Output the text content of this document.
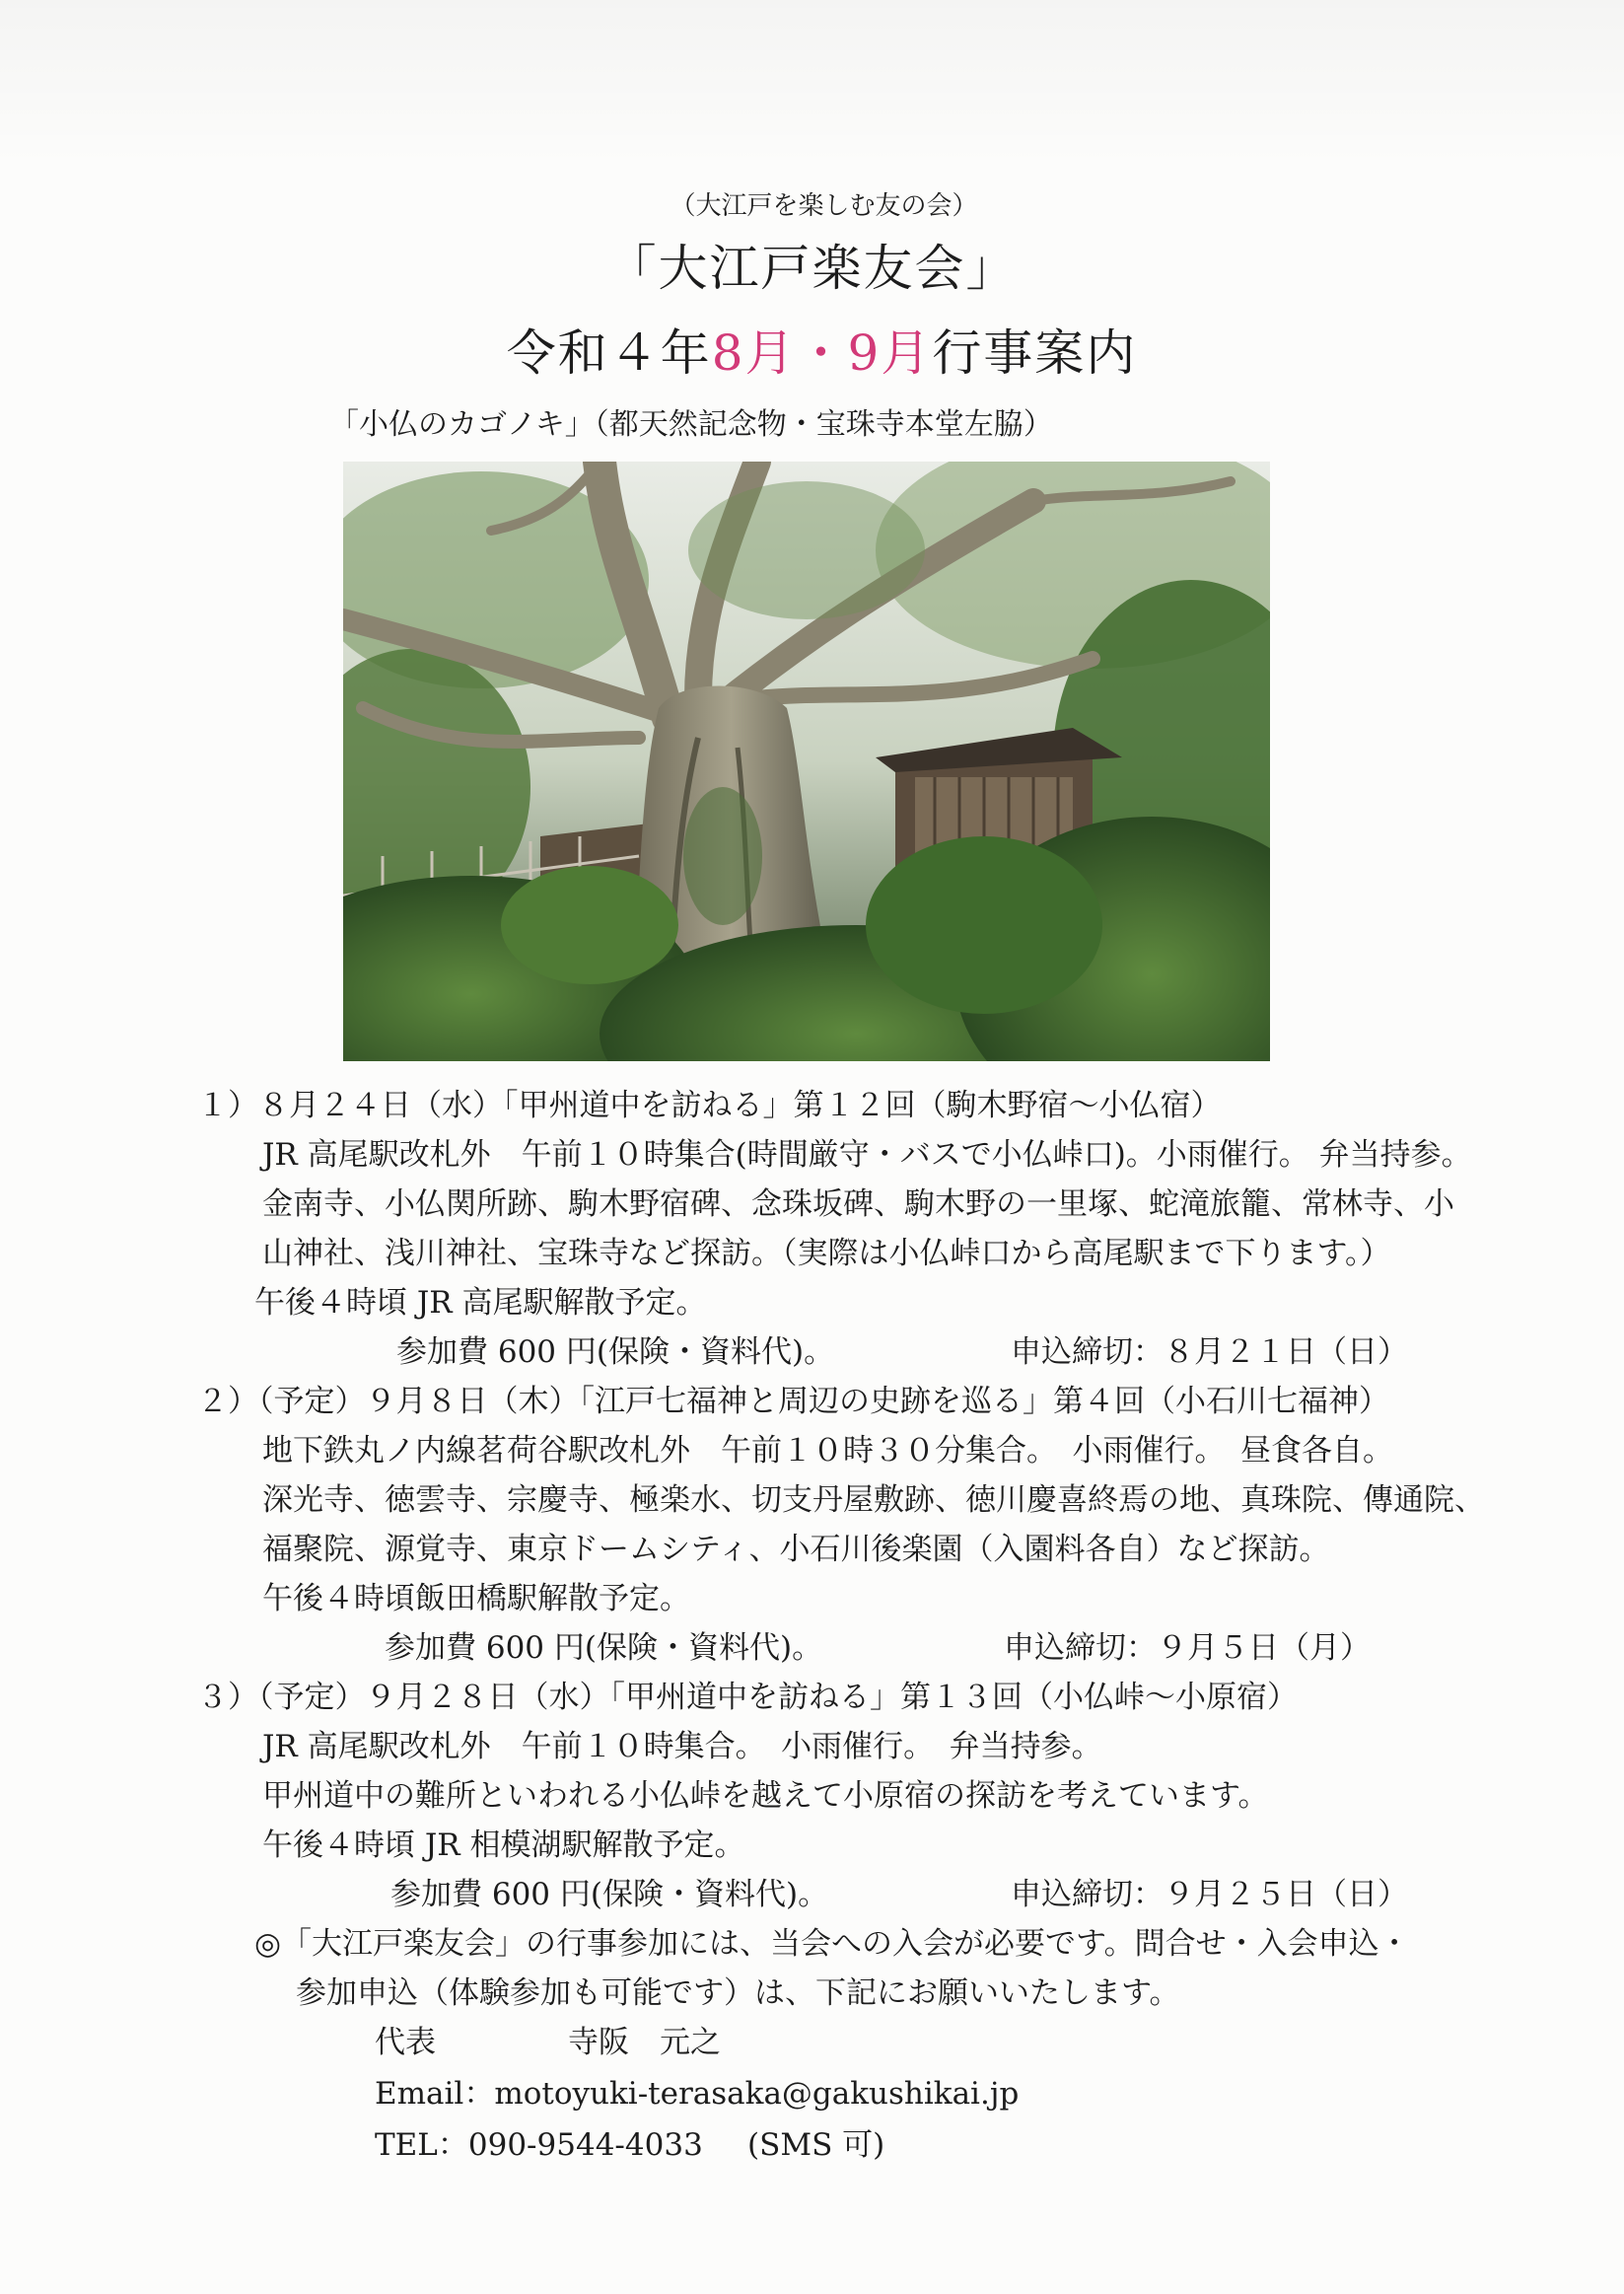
（大江戸を楽しむ友の会）
「大江戸楽友会」
令和４年8月・9月行事案内
「小仏のカゴノキ」（都天然記念物・宝珠寺本堂左脇）
１）８月２４日（水）「甲州道中を訪ねる」第１２回（駒木野宿～小仏宿）
JR 高尾駅改札外　午前１０時集合(時間厳守・バスで小仏峠口)。小雨催行。 弁当持参。
金南寺、小仏関所跡、駒木野宿碑、念珠坂碑、駒木野の一里塚、蛇滝旅籠、常林寺、小
山神社、浅川神社、宝珠寺など探訪。（実際は小仏峠口から高尾駅まで下ります。）
午後４時頃 JR 高尾駅解散予定。
参加費 600 円(保険・資料代)。	申込締切：８月２１日（日）
２）（予定）９月８日（木）「江戸七福神と周辺の史跡を巡る」第４回（小石川七福神）
地下鉄丸ノ内線茗荷谷駅改札外　午前１０時３０分集合。　小雨催行。　昼食各自。
深光寺、徳雲寺、宗慶寺、極楽水、切支丹屋敷跡、徳川慶喜終焉の地、真珠院、傳通院、
福聚院、源覚寺、東京ドームシティ、小石川後楽園（入園料各自）など探訪。
午後４時頃飯田橋駅解散予定。
参加費 600 円(保険・資料代)。	申込締切：９月５日（月）
３）（予定）９月２８日（水）「甲州道中を訪ねる」第１３回（小仏峠～小原宿）
JR 高尾駅改札外　午前１０時集合。　小雨催行。　弁当持参。
甲州道中の難所といわれる小仏峠を越えて小原宿の探訪を考えています。
午後４時頃 JR 相模湖駅解散予定。
参加費 600 円(保険・資料代)。	申込締切：９月２５日（日）
◎「大江戸楽友会」の行事参加には、当会への入会が必要です。問合せ・入会申込・
参加申込（体験参加も可能です）は、下記にお願いいたします。
代表	寺阪　元之
Email：motoyuki-terasaka@gakushikai.jp
TEL：090-9544-4033 (SMS 可)
